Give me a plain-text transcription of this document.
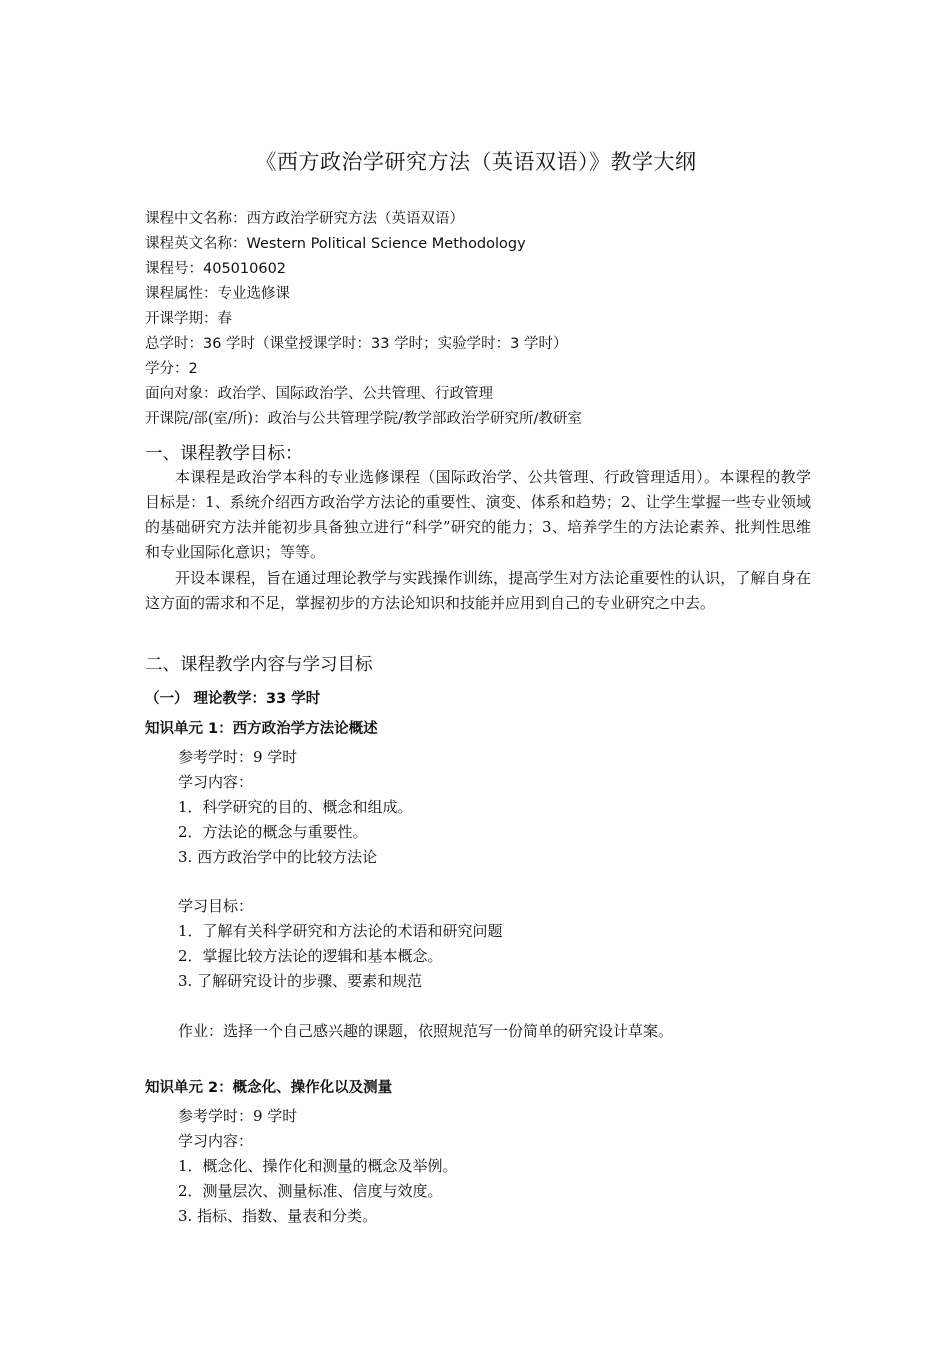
《西方政治学研究方法（英语双语）》教学大纲
课程中文名称：西方政治学研究方法（英语双语）
课程英文名称：Western Political Science Methodology
课程号：405010602
课程属性：专业选修课
开课学期：春
总学时：36 学时（课堂授课学时：33 学时；实验学时：3 学时）
学分：2
面向对象：政治学、国际政治学、公共管理、行政管理
开课院/部(室/所)：政治与公共管理学院/教学部政治学研究所/教研室
一、课程教学目标：
本课程是政治学本科的专业选修课程（国际政治学、公共管理、行政管理适用）。本课程的教学目标是：1、系统介绍西方政治学方法论的重要性、演变、体系和趋势；2、让学生掌握一些专业领域的基础研究方法并能初步具备独立进行“科学”研究的能力；3、培养学生的方法论素养、批判性思维和专业国际化意识；等等。
开设本课程，旨在通过理论教学与实践操作训练，提高学生对方法论重要性的认识，了解自身在这方面的需求和不足，掌握初步的方法论知识和技能并应用到自己的专业研究之中去。
二、课程教学内容与学习目标
（一） 理论教学：33 学时
知识单元 1：西方政治学方法论概述
参考学时：9 学时
学习内容：
1．科学研究的目的、概念和组成。
2．方法论的概念与重要性。
3. 西方政治学中的比较方法论
学习目标：
1．了解有关科学研究和方法论的术语和研究问题
2．掌握比较方法论的逻辑和基本概念。
3. 了解研究设计的步骤、要素和规范
作业：选择一个自己感兴趣的课题，依照规范写一份简单的研究设计草案。
知识单元 2：概念化、操作化以及测量
参考学时：9 学时
学习内容：
1．概念化、操作化和测量的概念及举例。
2．测量层次、测量标准、信度与效度。
3. 指标、指数、量表和分类。
